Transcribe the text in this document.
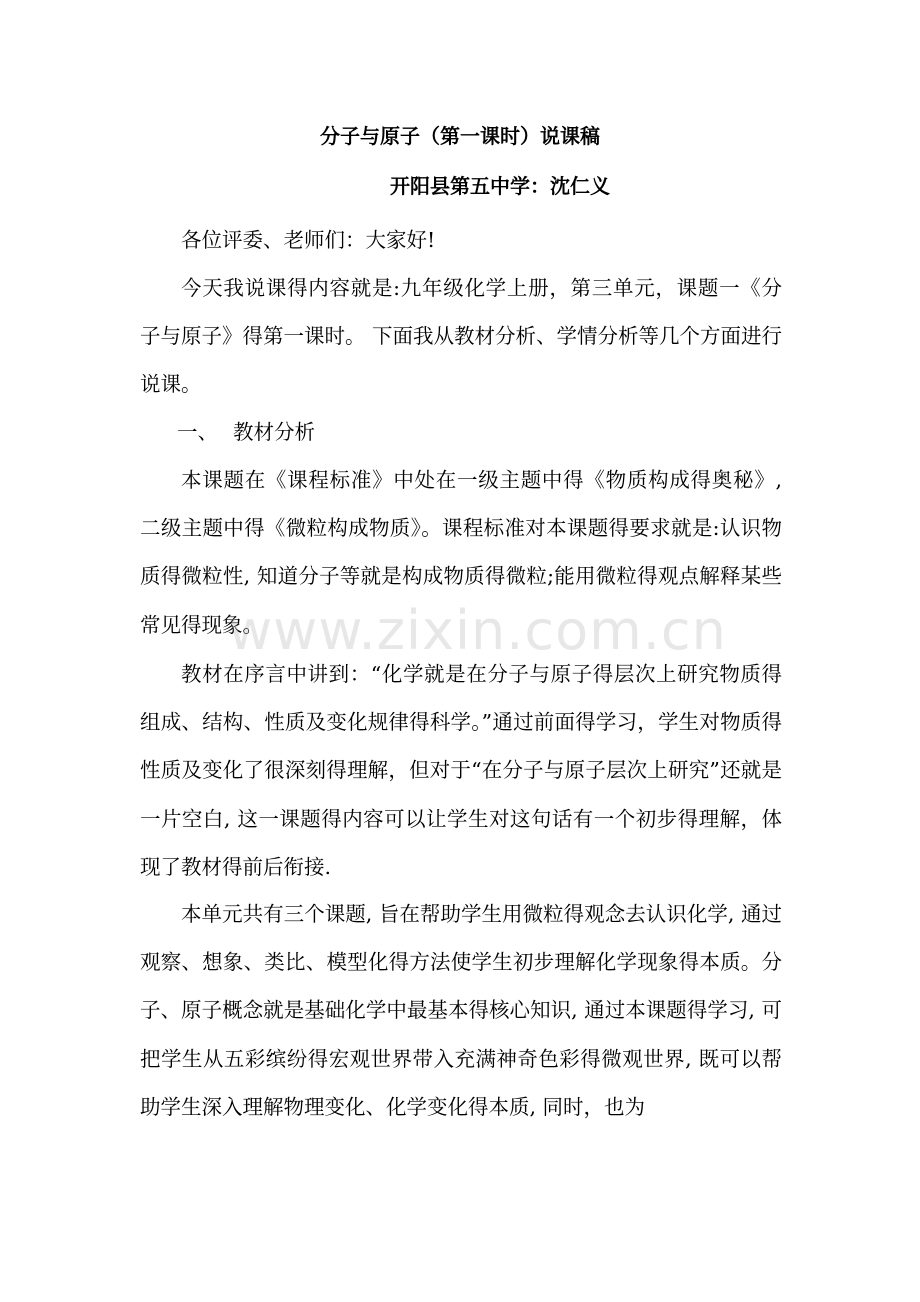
分子与原子（第一课时）说课稿
开阳县第五中学：沈仁义
各位评委、老师们：大家好!
今天我说课得内容就是:九年级化学上册，第三单元，课题一《分子与原子》得第一课时。 下面我从教材分析、学情分析等几个方面进行说课。
一、 教材分析
本课题在《课程标准》中处在一级主题中得《物质构成得奥秘》, 二级主题中得《微粒构成物质》。课程标准对本课题得要求就是:认识物质得微粒性, 知道分子等就是构成物质得微粒;能用微粒得观点解释某些常见得现象。
教材在序言中讲到：“化学就是在分子与原子得层次上研究物质得组成、结构、性质及变化规律得科学。”通过前面得学习，学生对物质得性质及变化了很深刻得理解，但对于“在分子与原子层次上研究”还就是一片空白, 这一课题得内容可以让学生对这句话有一个初步得理解，体现了教材得前后衔接.
本单元共有三个课题, 旨在帮助学生用微粒得观念去认识化学, 通过观察、想象、类比、模型化得方法使学生初步理解化学现象得本质。分子、原子概念就是基础化学中最基本得核心知识, 通过本课题得学习, 可把学生从五彩缤纷得宏观世界带入充满神奇色彩得微观世界, 既可以帮助学生深入理解物理变化、化学变化得本质, 同时，也为
www.zixin.com.cn
